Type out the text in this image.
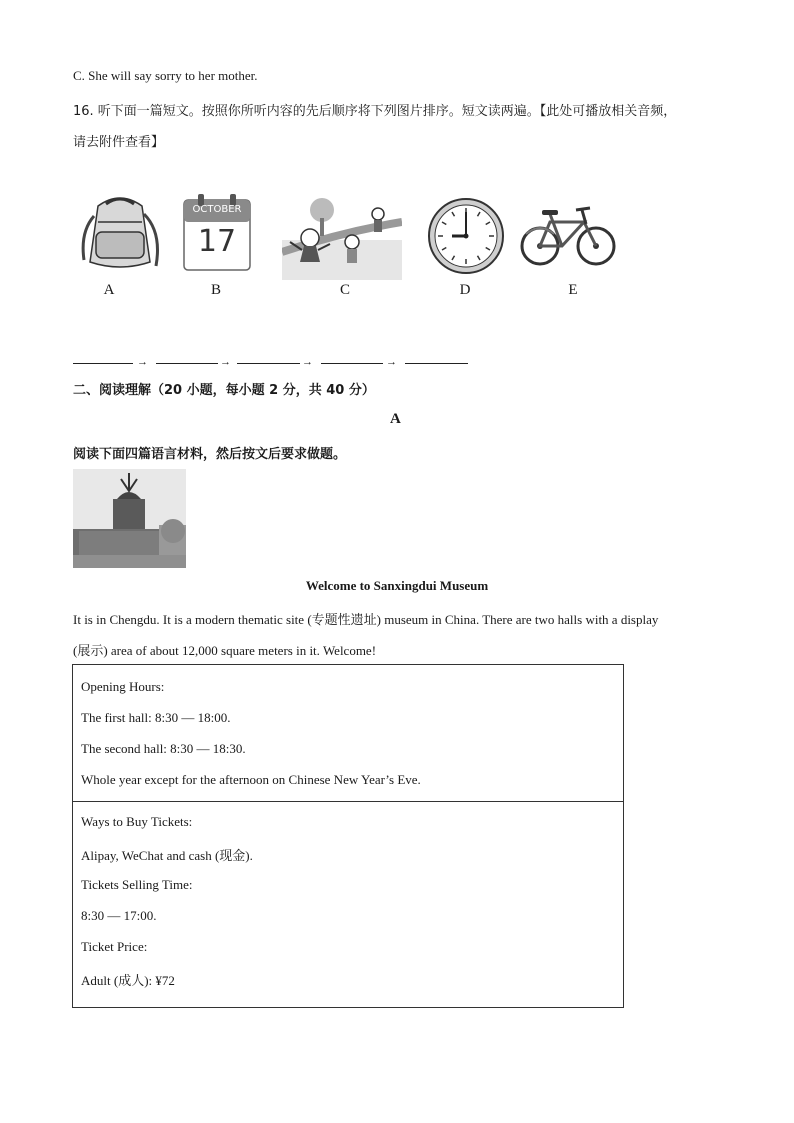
C. She will say sorry to her mother.
16. 听下面一篇短文。按照你所听内容的先后顺序将下列图片排序。短文读两遍。【此处可播放相关音频，
请去附件查看】
A
OCTOBER
17
B	C	D	E
→	→	→	→
二、阅读理解（20 小题，每小题 2 分，共 40 分）
A
阅读下面四篇语言材料，然后按文后要求做题。
Welcome to Sanxingdui Museum
It is in Chengdu. It is a modern thematic site (专题性遗址) museum in China. There are two halls with a display
(展示) area of about 12,000 square meters in it. Welcome!
Opening Hours:
The first hall: 8:30 — 18:00.
The second hall: 8:30 — 18:30.
Whole year except for the afternoon on Chinese New Year’s Eve.
Ways to Buy Tickets:
Alipay, WeChat and cash (现金).
Tickets Selling Time:
8:30 — 17:00.
Ticket Price:
Adult (成人): ¥72
